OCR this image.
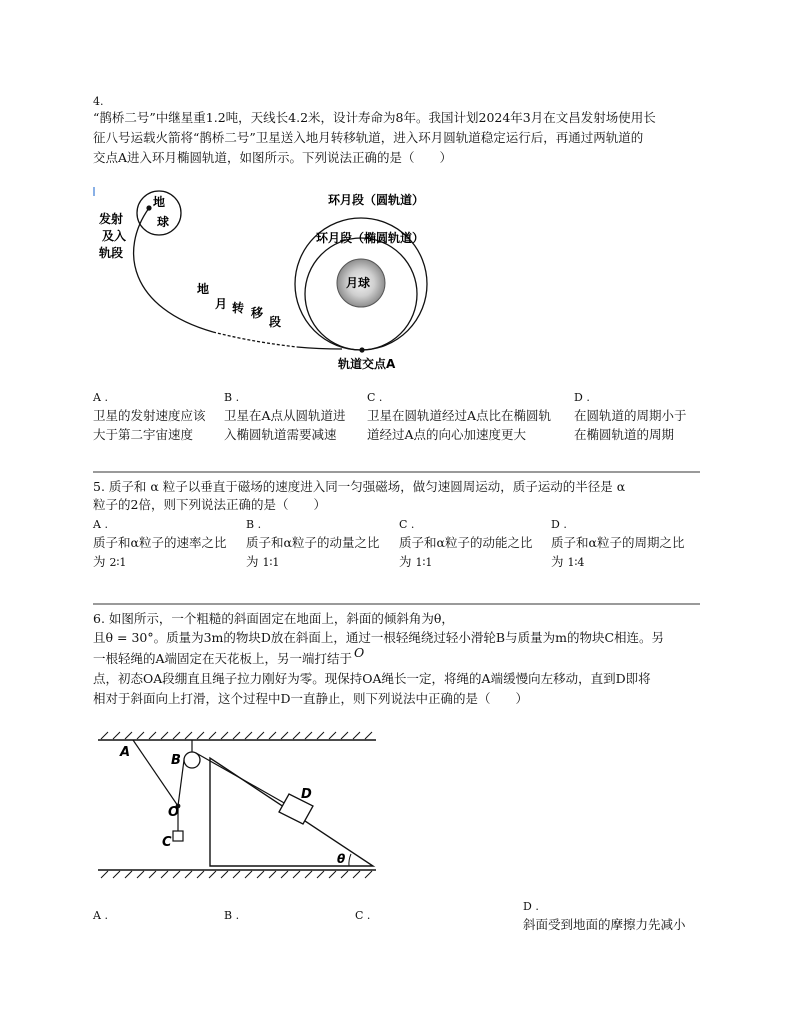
4.
“鹊桥二号”中继星重1.2吨，天线长4.2米，设计寿命为8年。我国计划2024年3月在文昌发射场使用长
征八号运载火箭将“鹊桥二号”卫星送入地月转移轨道，进入环月圆轨道稳定运行后，再通过两轨道的
交点A进入环月椭圆轨道，如图所示。下列说法正确的是（　　）
地
球
发射
及入
轨段
月球
轨道交点A
环月段（圆轨道）
环月段（椭圆轨道）
地
月 转 移
段
A .
卫星的发射速度应该
大于第二宇宙速度
B .
卫星在A点从圆轨道进
入椭圆轨道需要减速
C .
卫星在圆轨道经过A点比在椭圆轨
道经过A点的向心加速度更大
D .
在圆轨道的周期小于
在椭圆轨道的周期
5. 质子和 α 粒子以垂直于磁场的速度进入同一匀强磁场，做匀速圆周运动，质子运动的半径是 α
粒子的2倍，则下列说法正确的是（　　）
A .
质子和α粒子的速率之比
为 2∶1
B .
质子和α粒子的动量之比
为 1∶1
C .
质子和α粒子的动能之比
为 1∶1
D .
质子和α粒子的周期之比
为 1∶4
6. 如图所示，一个粗糙的斜面固定在地面上，斜面的倾斜角为θ，
且θ = 30°。质量为3m的物块D放在斜面上，通过一根轻绳绕过轻小滑轮B与质量为m的物块C相连。另
一根轻绳的A端固定在天花板上，另一端打结于 O
点，初态OA段绷直且绳子拉力刚好为零。现保持OA绳长一定，将绳的A端缓慢向左移动，直到D即将
相对于斜面向上打滑，这个过程中D一直静止，则下列说法中正确的是（　　）
A
B
O
C
D
θ
A .	B .	C .
D .
斜面受到地面的摩擦力先减小
